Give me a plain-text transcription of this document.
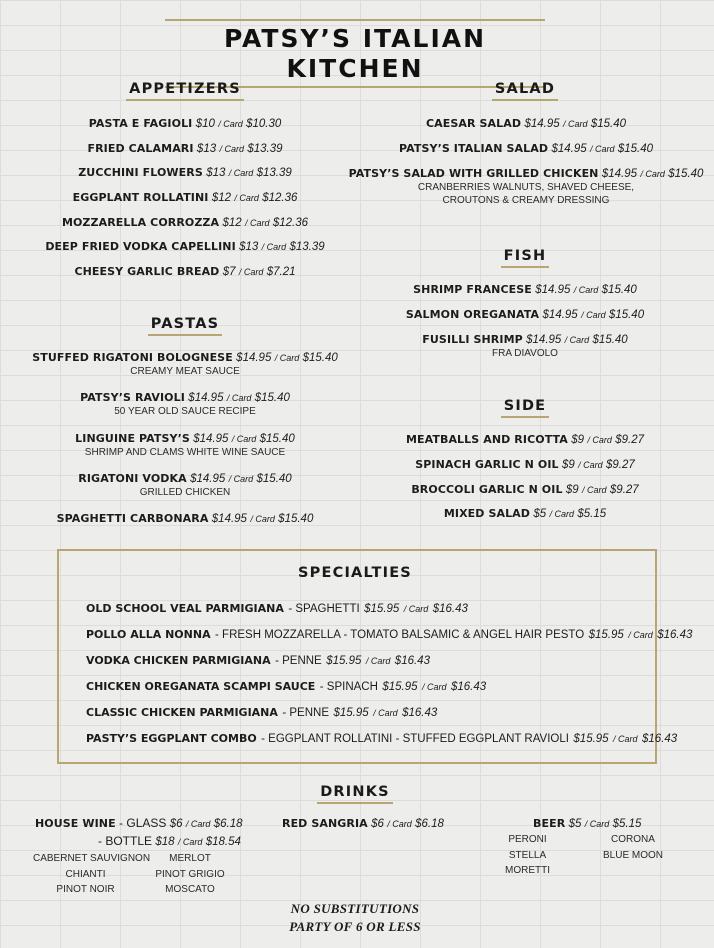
PATSY’S ITALIAN KITCHEN
APPETIZERS
PASTA E FAGIOLI $10 / Card $10.30
FRIED CALAMARI $13 / Card $13.39
ZUCCHINI FLOWERS $13 / Card $13.39
EGGPLANT ROLLATINI $12 / Card $12.36
MOZZARELLA CORROZZA $12 / Card $12.36
DEEP FRIED VODKA CAPELLINI $13 / Card $13.39
CHEESY GARLIC BREAD $7 / Card $7.21
SALAD
CAESAR SALAD $14.95 / Card $15.40
PATSY’S ITALIAN SALAD $14.95 / Card $15.40
PATSY’S SALAD WITH GRILLED CHICKEN $14.95 / Card $15.40
CRANBERRIES WALNUTS, SHAVED CHEESE,
CROUTONS & CREAMY DRESSING
PASTAS
STUFFED RIGATONI BOLOGNESE $14.95 / Card $15.40
CREAMY MEAT SAUCE
PATSY’S RAVIOLI $14.95 / Card $15.40
50 YEAR OLD SAUCE RECIPE
LINGUINE PATSY’S $14.95 / Card $15.40
SHRIMP AND CLAMS WHITE WINE SAUCE
RIGATONI VODKA $14.95 / Card $15.40
GRILLED CHICKEN
SPAGHETTI CARBONARA $14.95 / Card $15.40
FISH
SHRIMP FRANCESE $14.95 / Card $15.40
SALMON OREGANATA $14.95 / Card $15.40
FUSILLI SHRIMP $14.95 / Card $15.40
FRA DIAVOLO
SIDE
MEATBALLS AND RICOTTA $9 / Card $9.27
SPINACH GARLIC N OIL $9 / Card $9.27
BROCCOLI GARLIC N OIL $9 / Card $9.27
MIXED SALAD $5 / Card $5.15
SPECIALTIES
OLD SCHOOL VEAL PARMIGIANA - SPAGHETTI $15.95 / Card $16.43
POLLO ALLA NONNA - FRESH MOZZARELLA - TOMATO BALSAMIC & ANGEL HAIR PESTO $15.95 / Card $16.43
VODKA CHICKEN PARMIGIANA - PENNE $15.95 / Card $16.43
CHICKEN OREGANATA SCAMPI SAUCE - SPINACH $15.95 / Card $16.43
CLASSIC CHICKEN PARMIGIANA - PENNE $15.95 / Card $16.43
PASTY’S EGGPLANT COMBO - EGGPLANT ROLLATINI - STUFFED EGGPLANT RAVIOLI $15.95 / Card $16.43
DRINKS
HOUSE WINE - GLASS $6 / Card $6.18
- BOTTLE $18 / Card $18.54
CABERNET SAUVIGNON
CHIANTI
PINOT NOIR
MERLOT
PINOT GRIGIO
MOSCATO
RED SANGRIA $6 / Card $6.18	BEER $5 / Card $5.15
PERONI
STELLA
MORETTI
CORONA
BLUE MOON
NO SUBSTITUTIONS
PARTY OF 6 OR LESS
